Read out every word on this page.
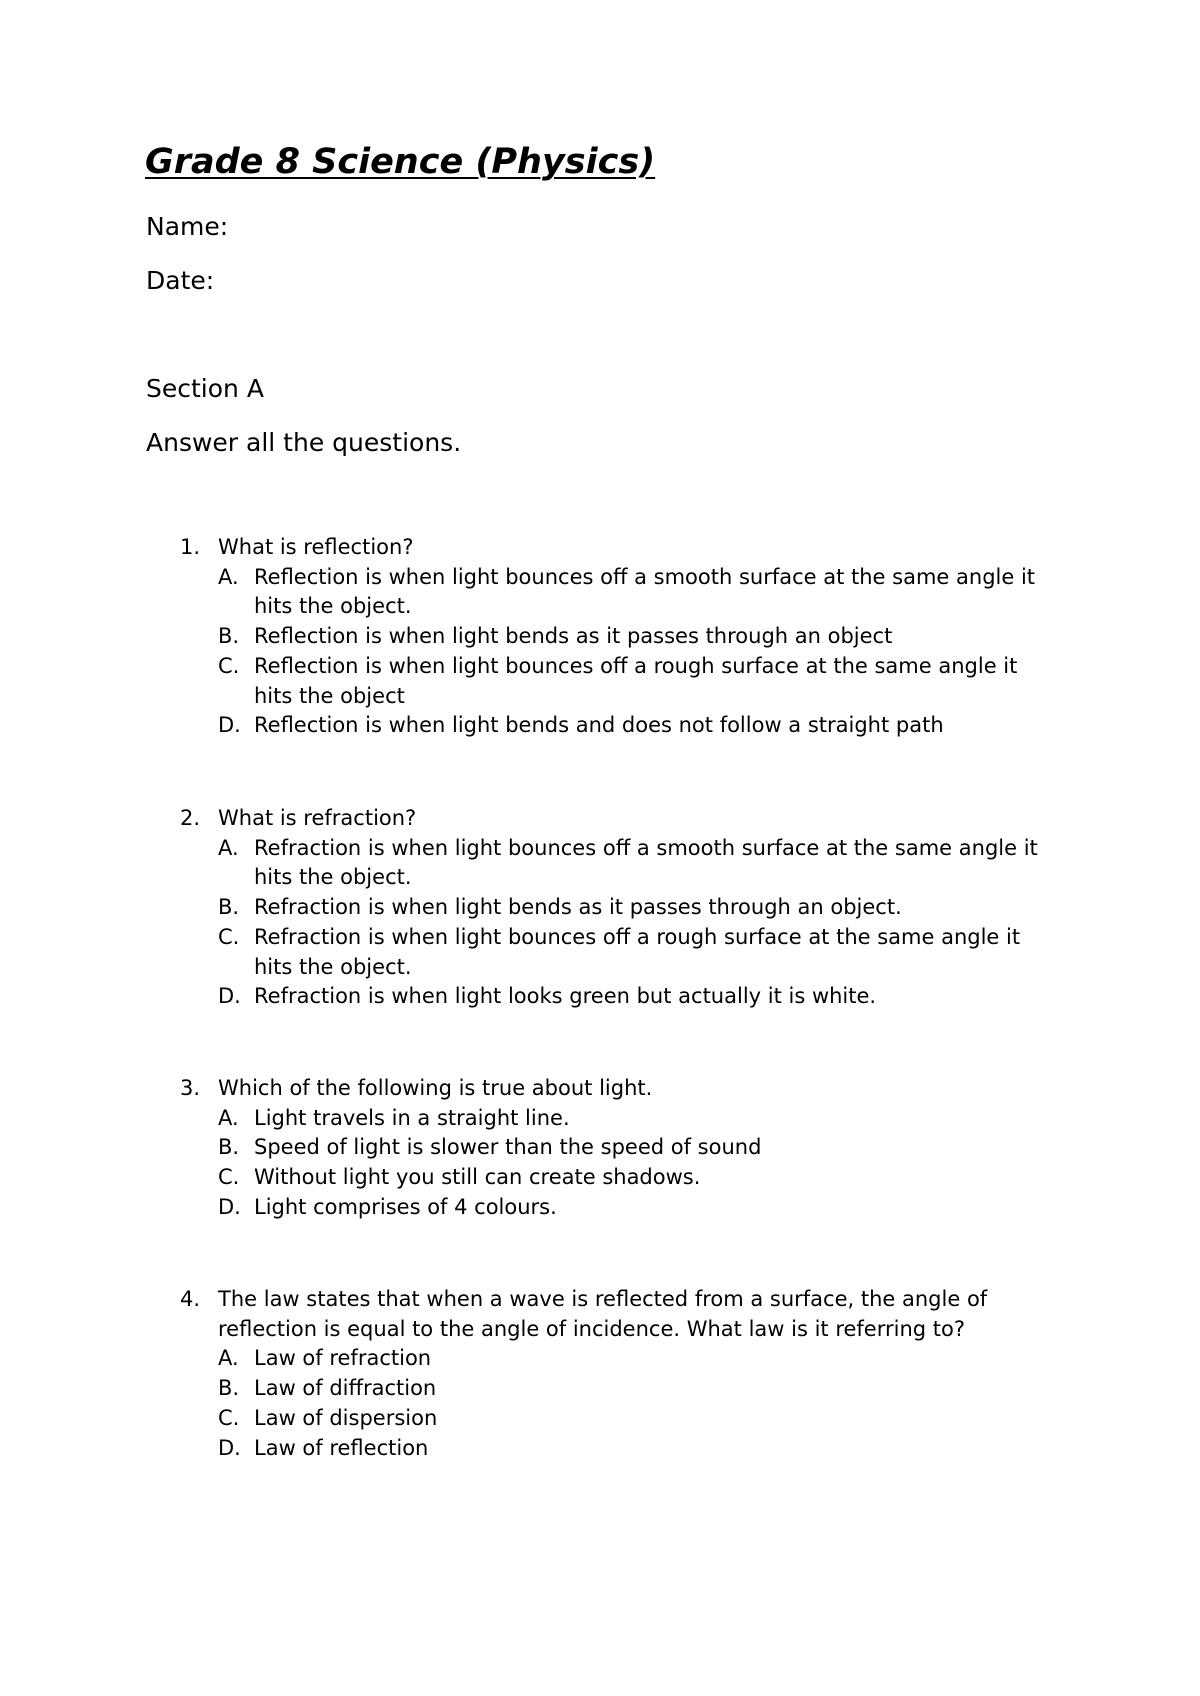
Grade 8 Science (Physics)

Name:

Date:

Section A

Answer all the questions.

1. What is reflection?
A. Reflection is when light bounces off a smooth surface at the same angle it hits the object.
B. Reflection is when light bends as it passes through an object
C. Reflection is when light bounces off a rough surface at the same angle it hits the object
D. Reflection is when light bends and does not follow a straight path
2. What is refraction?
A. Refraction is when light bounces off a smooth surface at the same angle it hits the object.
B. Refraction is when light bends as it passes through an object.
C. Refraction is when light bounces off a rough surface at the same angle it hits the object.
D. Refraction is when light looks green but actually it is white.
3. Which of the following is true about light.
A. Light travels in a straight line.
B. Speed of light is slower than the speed of sound
C. Without light you still can create shadows.
D. Light comprises of 4 colours.
4. The law states that when a wave is reflected from a surface, the angle of reflection is equal to the angle of incidence. What law is it referring to?
A. Law of refraction
B. Law of diffraction
C. Law of dispersion
D. Law of reflection
